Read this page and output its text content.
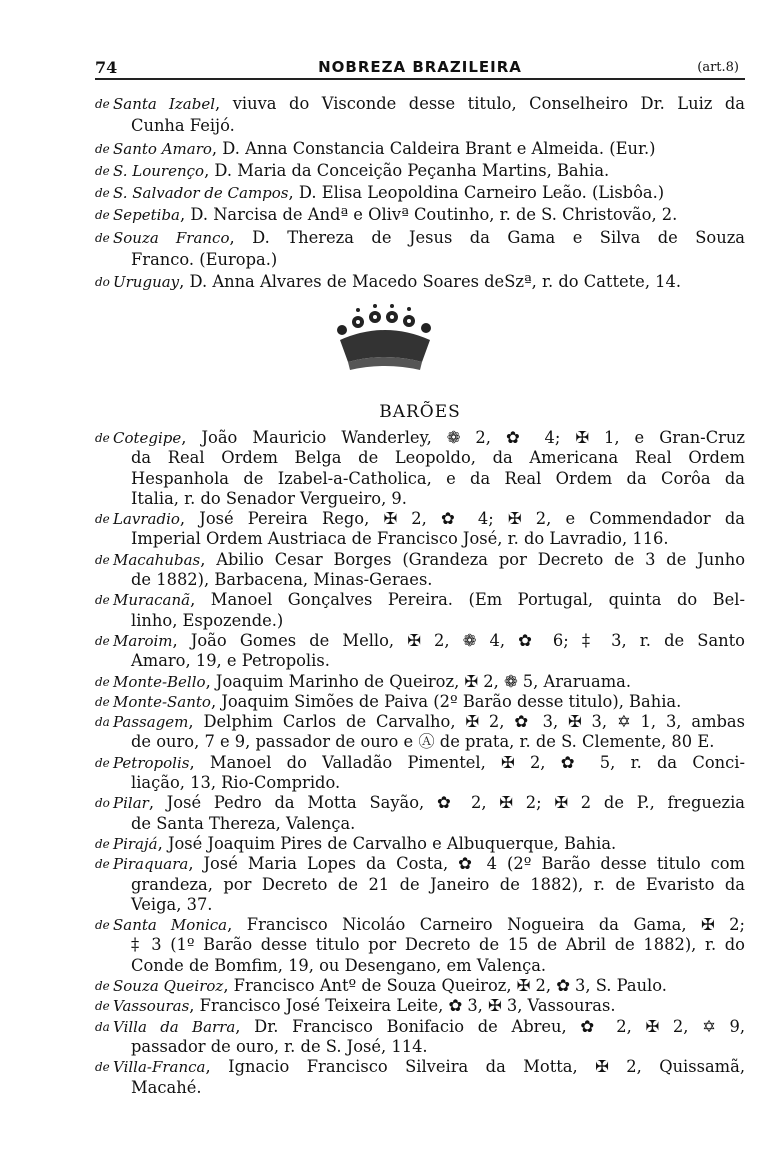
74	NOBREZA BRAZILEIRA	(art.8)
de Santa Izabel, viuva do Visconde desse titulo, Conselheiro Dr. Luiz da
Cunha Feijó.
de Santo Amaro, D. Anna Constancia Caldeira Brant e Almeida. (Eur.)
de S. Lourenço, D. Maria da Conceição Peçanha Martins, Bahia.
de S. Salvador de Campos, D. Elisa Leopoldina Carneiro Leão. (Lisbôa.)
de Sepetiba, D. Narcisa de Andª e Olivª Coutinho, r. de S. Christovão, 2.
de Souza Franco, D. Thereza de Jesus da Gama e Silva de Souza
Franco. (Europa.)
do Uruguay, D. Anna Alvares de Macedo Soares deSzª, r. do Cattete, 14.
BARÕES
de Cotegipe, João Mauricio Wanderley, ❁ 2, ✿ 4; ✠ 1, e Gran-Cruz
da Real Ordem Belga de Leopoldo, da Americana Real Ordem
Hespanhola de Izabel-a-Catholica, e da Real Ordem da Corôa da
Italia, r. do Senador Vergueiro, 9.
de Lavradio, José Pereira Rego, ✠ 2, ✿ 4; ✠ 2, e Commendador da
Imperial Ordem Austriaca de Francisco José, r. do Lavradio, 116.
de Macahubas, Abilio Cesar Borges (Grandeza por Decreto de 3 de Junho
de 1882), Barbacena, Minas-Geraes.
de Muracanã, Manoel Gonçalves Pereira. (Em Portugal, quinta do Bel-
linho, Espozende.)
de Maroim, João Gomes de Mello, ✠ 2, ❁ 4, ✿ 6; ‡ 3, r. de Santo
Amaro, 19, e Petropolis.
de Monte-Bello, Joaquim Marinho de Queiroz, ✠ 2, ❁ 5, Araruama.
de Monte-Santo, Joaquim Simões de Paiva (2º Barão desse titulo), Bahia.
da Passagem, Delphim Carlos de Carvalho, ✠ 2, ✿ 3, ✠ 3, ✡ 1, 3, ambas
de ouro, 7 e 9, passador de ouro e Ⓐ de prata, r. de S. Clemente, 80 E.
de Petropolis, Manoel do Valladão Pimentel, ✠ 2, ✿ 5, r. da Conci-
liação, 13, Rio-Comprido.
do Pilar, José Pedro da Motta Sayão, ✿ 2, ✠ 2; ✠ 2 de P., freguezia
de Santa Thereza, Valença.
de Pirajá, José Joaquim Pires de Carvalho e Albuquerque, Bahia.
de Piraquara, José Maria Lopes da Costa, ✿ 4 (2º Barão desse titulo com
grandeza, por Decreto de 21 de Janeiro de 1882), r. de Evaristo da
Veiga, 37.
de Santa Monica, Francisco Nicoláo Carneiro Nogueira da Gama, ✠ 2;
‡ 3 (1º Barão desse titulo por Decreto de 15 de Abril de 1882), r. do
Conde de Bomfim, 19, ou Desengano, em Valença.
de Souza Queiroz, Francisco Antº de Souza Queiroz, ✠ 2, ✿ 3, S. Paulo.
de Vassouras, Francisco José Teixeira Leite, ✿ 3, ✠ 3, Vassouras.
da Villa da Barra, Dr. Francisco Bonifacio de Abreu, ✿ 2, ✠ 2, ✡ 9,
passador de ouro, r. de S. José, 114.
de Villa-Franca, Ignacio Francisco Silveira da Motta, ✠ 2, Quissamã,
Macahé.
